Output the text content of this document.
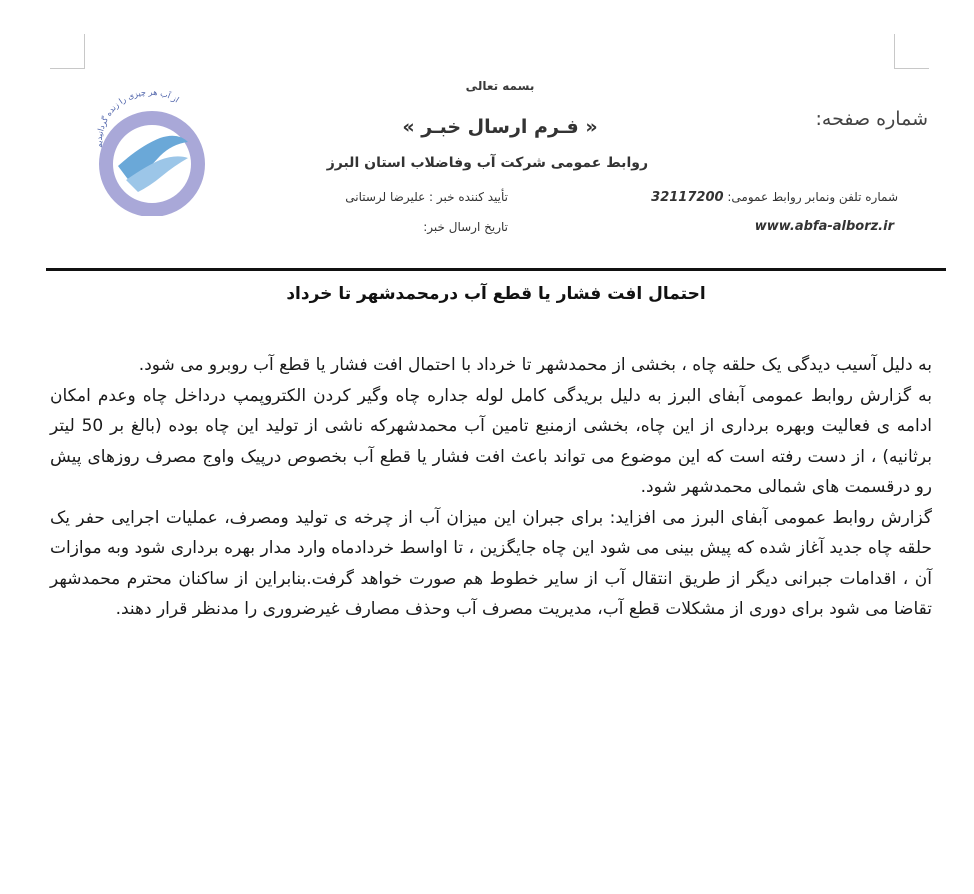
از آب هر چیزی را زنده گردانیدیم
بسمه تعالی
شماره صفحه:
« فـرم ارسال خبـر »
روابط عمومی شرکت آب وفاضلاب استان البرز
شماره تلفن ونمابر روابط عمومی: 32117200
www.abfa-alborz.ir
تأیید کننده خبر : علیرضا لرستانی
تاریخ ارسال خبر:
احتمال افت فشار یا قطع آب درمحمدشهر تا خرداد

به دلیل آسیب دیدگی یک حلقه چاه ، بخشی از محمدشهر تا خرداد با احتمال افت فشار یا قطع آب روبرو می شود.

به گزارش روابط عمومی آبفای البرز به دلیل بریدگی کامل لوله جداره چاه وگیر کردن الکتروپمپ درداخل چاه وعدم امکان ادامه ی فعالیت وبهره برداری از این چاه، بخشی ازمنبع تامین آب محمدشهرکه ناشی از تولید این چاه بوده (بالغ بر 50 لیتر برثانیه) ، از دست رفته است که این موضوع می تواند باعث افت فشار یا قطع آب بخصوص درپیک واوج مصرف روزهای پیش رو درقسمت های شمالی محمدشهر شود.

گزارش روابط عمومی آبفای البرز می افزاید: برای جبران این میزان آب از چرخه ی تولید ومصرف، عملیات اجرایی حفر یک حلقه چاه جدید آغاز شده که پیش بینی می شود این چاه جایگزین ، تا اواسط خردادماه وارد مدار بهره برداری شود وبه موازات آن ، اقدامات جبرانی دیگر از طریق انتقال آب از سایر خطوط هم صورت خواهد گرفت.بنابراین از ساکنان محترم محمدشهر تقاضا می شود برای دوری از مشکلات قطع آب، مدیریت مصرف آب وحذف مصارف غیرضروری را مدنظر قرار دهند.
